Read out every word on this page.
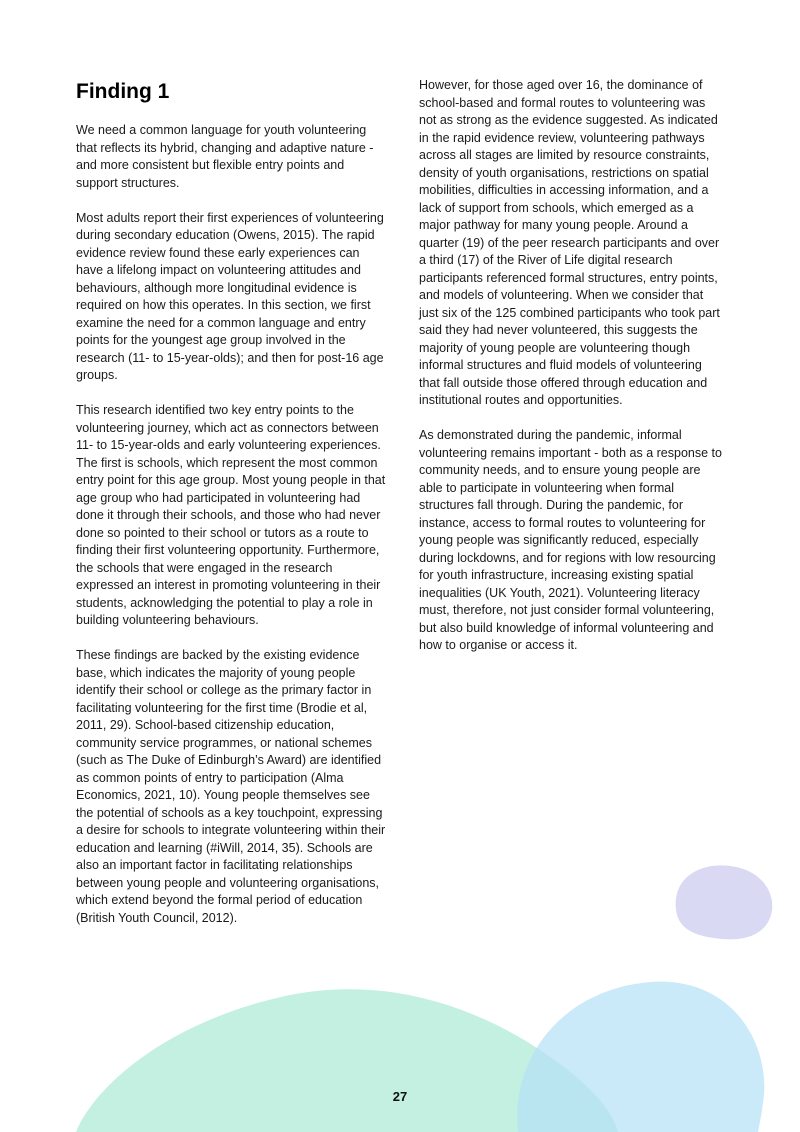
Finding 1

We need a common language for youth volunteering that reflects its hybrid, changing and adaptive nature - and more consistent but flexible entry points and support structures.

Most adults report their first experiences of volunteering during secondary education (Owens, 2015). The rapid evidence review found these early experiences can have a lifelong impact on volunteering attitudes and behaviours, although more longitudinal evidence is required on how this operates. In this section, we first examine the need for a common language and entry points for the youngest age group involved in the research (11- to 15-year-olds); and then for post-16 age groups.

This research identified two key entry points to the volunteering journey, which act as connectors between 11- to 15-year-olds and early volunteering experiences. The first is schools, which represent the most common entry point for this age group. Most young people in that age group who had participated in volunteering had done it through their schools, and those who had never done so pointed to their school or tutors as a route to finding their first volunteering opportunity. Furthermore, the schools that were engaged in the research expressed an interest in promoting volunteering in their students, acknowledging the potential to play a role in building volunteering behaviours.

These findings are backed by the existing evidence base, which indicates the majority of young people identify their school or college as the primary factor in facilitating volunteering for the first time (Brodie et al, 2011, 29). School-based citizenship education, community service programmes, or national schemes (such as The Duke of Edinburgh’s Award) are identified as common points of entry to participation (Alma Economics, 2021, 10). Young people themselves see the potential of schools as a key touchpoint, expressing a desire for schools to integrate volunteering within their education and learning (#iWill, 2014, 35). Schools are also an important factor in facilitating relationships between young people and volunteering organisations, which extend beyond the formal period of education (British Youth Council, 2012).

However, for those aged over 16, the dominance of school-based and formal routes to volunteering was not as strong as the evidence suggested. As indicated in the rapid evidence review, volunteering pathways across all stages are limited by resource constraints, density of youth organisations, restrictions on spatial mobilities, difficulties in accessing information, and a lack of support from schools, which emerged as a major pathway for many young people. Around a quarter (19) of the peer research participants and over a third (17) of the River of Life digital research participants referenced formal structures, entry points, and models of volunteering. When we consider that just six of the 125 combined participants who took part said they had never volunteered, this suggests the majority of young people are volunteering though informal structures and fluid models of volunteering that fall outside those offered through education and institutional routes and opportunities.

As demonstrated during the pandemic, informal volunteering remains important - both as a response to community needs, and to ensure young people are able to participate in volunteering when formal structures fall through. During the pandemic, for instance, access to formal routes to volunteering for young people was significantly reduced, especially during lockdowns, and for regions with low resourcing for youth infrastructure, increasing existing spatial inequalities (UK Youth, 2021). Volunteering literacy must, therefore, not just consider formal volunteering, but also build knowledge of informal volunteering and how to organise or access it.

27
